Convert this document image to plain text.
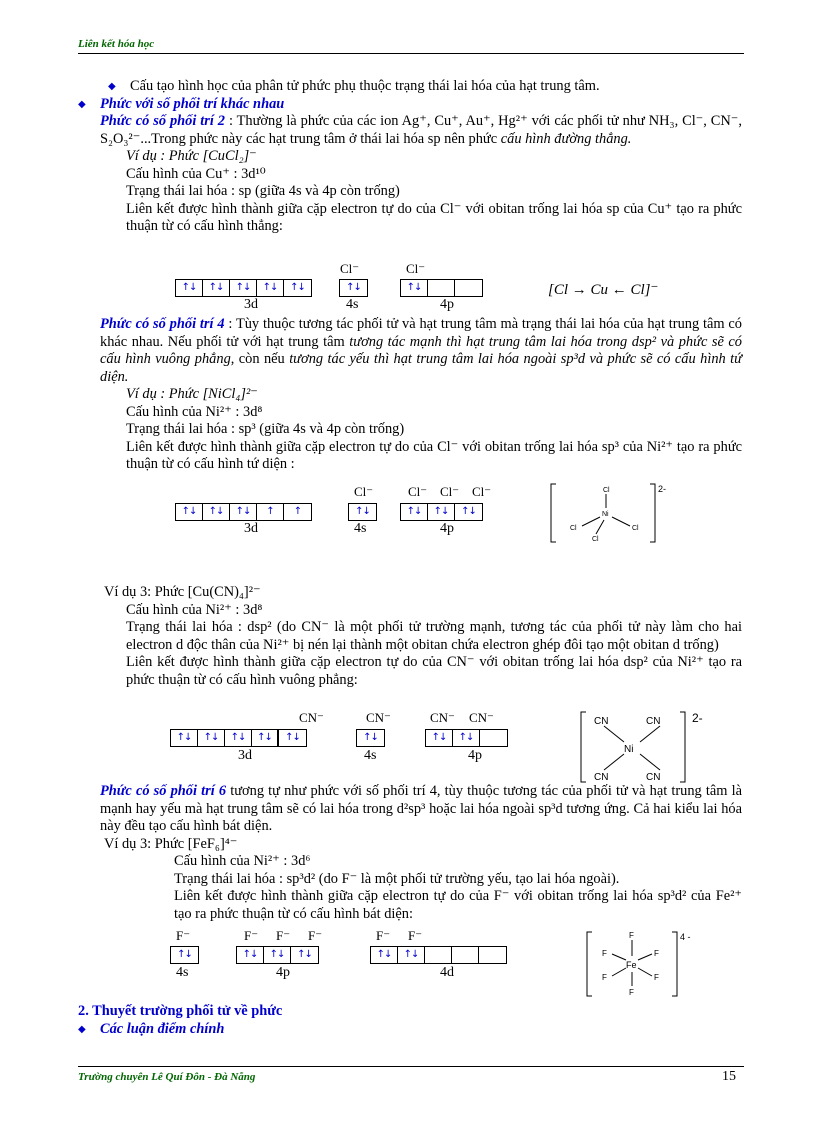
Liên kết hóa học

◆ Cấu tạo hình học của phân tử phức phụ thuộc trạng thái lai hóa của hạt trung tâm.

◆ Phức với số phối trí khác nhau

Phức có số phối trí 2 : Thường là phức của các ion Ag⁺, Cu⁺, Au⁺, Hg²⁺ với các phối tử như NH₃, Cl⁻, CN⁻, S₂O₃²⁻...Trong phức này các hạt trung tâm ở thái lai hóa sp nên phức cấu hình đường thẳng.

Ví dụ : Phức [CuCl₂]⁻

Cấu hình của Cu⁺ : 3d¹⁰

Trạng thái lai hóa : sp (giữa 4s và 4p còn trống)

Liên kết được hình thành giữa cặp electron tự do của Cl⁻ với obitan trống lai hóa sp của Cu⁺ tạo ra phức thuận từ có cấu hình thẳng:

Cl⁻	Cl⁻
↑↓	↑↓	↑↓	↑↓	↑↓	↑↓	↑↓
3d	4s	4p
[Cl → Cu ← Cl]⁻

Phức có số phối trí 4 : Tùy thuộc tương tác phối tử và hạt trung tâm mà trạng thái lai hóa của hạt trung tâm có khác nhau. Nếu phối tử với hạt trung tâm tương tác mạnh thì hạt trung tâm lai hóa trong dsp² và phức sẽ có cấu hình vuông phẳng, còn nếu tương tác yếu thì hạt trung tâm lai hóa ngoài sp³d và phức sẽ có cấu hình tứ diện.

Ví dụ : Phức [NiCl₄]²⁻

Cấu hình của Ni²⁺ : 3d⁸

Trạng thái lai hóa : sp³ (giữa 4s và 4p còn trống)

Liên kết được hình thành giữa cặp electron tự do của Cl⁻ với obitan trống lai hóa sp³ của Ni²⁺ tạo ra phức thuận từ có cấu hình tứ diện :

Cl⁻	Cl⁻ Cl⁻ Cl⁻
↑↓	↑↓	↑↓	↑	↑	↑↓	↑↓	↑↓	↑↓
3d	4s	4p
Cl
Ni
Cl	Cl
Cl
2-

Ví dụ 3: Phức [Cu(CN)₄]²⁻

Cấu hình của Ni²⁺ : 3d⁸

Trạng thái lai hóa : dsp² (do CN⁻ là một phối tử trường mạnh, tương tác của phối tử này làm cho hai electron d độc thân của Ni²⁺ bị nén lại thành một obitan chứa electron ghép đôi tạo một obitan d trống)

Liên kết được hình thành giữa cặp electron tự do của CN⁻ với obitan trống lai hóa dsp² của Ni²⁺ tạo ra phức thuận từ có cấu hình vuông phẳng:

CN⁻	CN⁻	CN⁻ CN⁻
↑↓	↑↓	↑↓	↑↓	↑↓	↑↓	↑↓	↑↓
3d	4s	4p
CN	CN
Ni
CN	CN
2-

Phức có số phối trí 6 tương tự như phức với số phối trí 4, tùy thuộc tương tác của phối tử và hạt trung tâm là mạnh hay yếu mà hạt trung tâm sẽ có lai hóa trong d²sp³ hoặc lai hóa ngoài sp³d tương ứng. Cả hai kiểu lai hóa này đều tạo cấu hình bát diện.

Ví dụ 3: Phức [FeF₆]⁴⁻

Cấu hình của Ni²⁺ : 3d⁶

Trạng thái lai hóa : sp³d² (do F⁻ là một phối tử trường yếu, tạo lai hóa ngoài).

Liên kết được hình thành giữa cặp electron tự do của F⁻ với obitan trống lai hóa sp³d² của Fe²⁺ tạo ra phức thuận từ có cấu hình bát diện:

F⁻	F⁻ F⁻ F⁻	F⁻ F⁻
↑↓	↑↓	↑↓	↑↓	↑↓	↑↓
4s	4p	4d
F
Fe
F	F
F	F
F
4 -

2. Thuyết trường phối tử về phức

◆ Các luận điểm chính

Trường chuyên Lê Quí Đôn - Đà Nẵng	15
